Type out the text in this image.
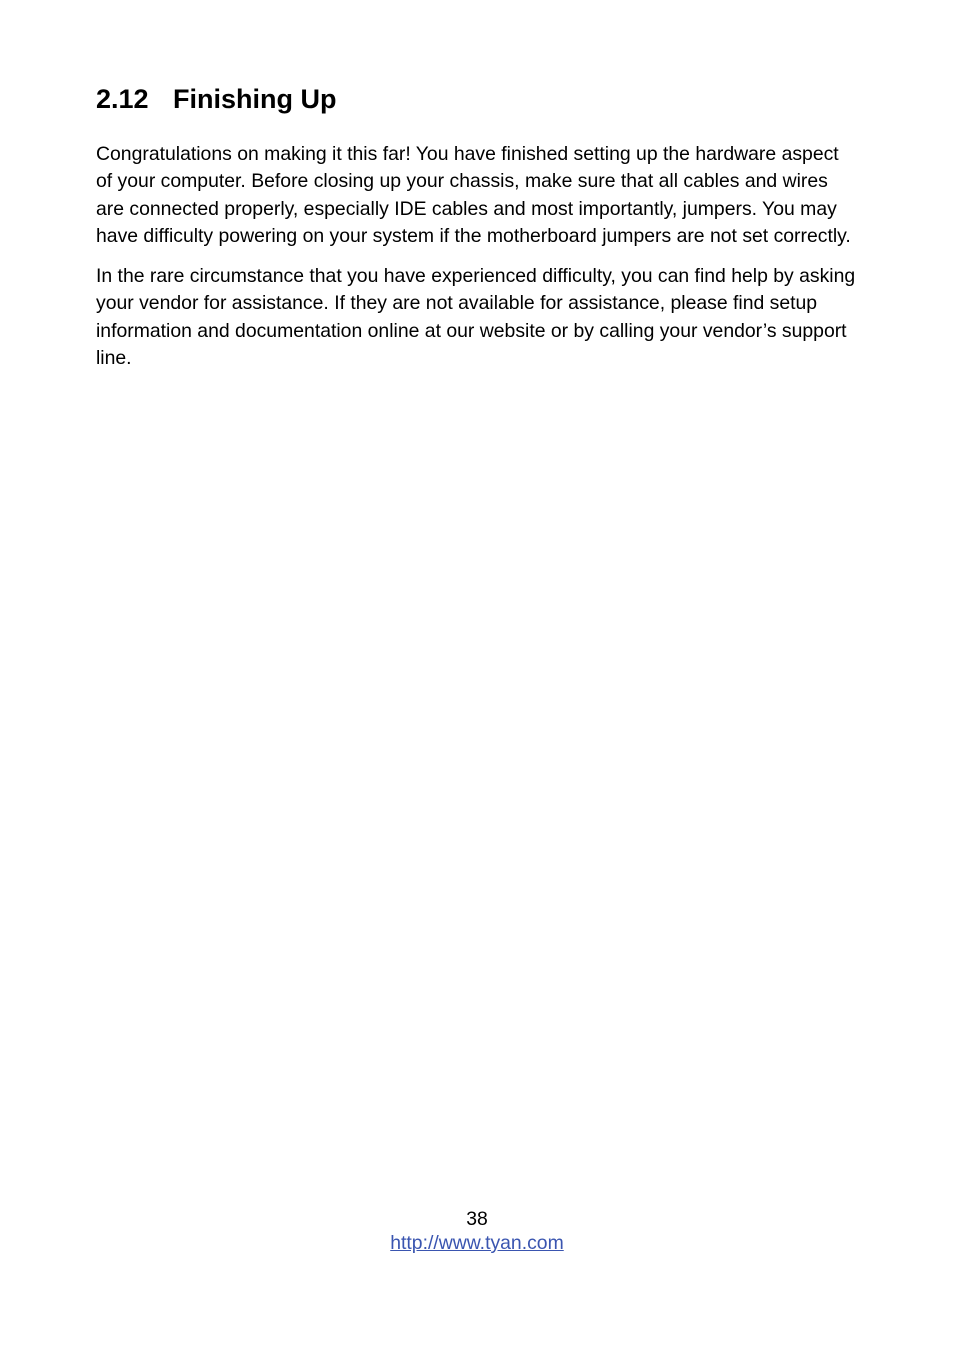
2.12 Finishing Up

Congratulations on making it this far! You have finished setting up the hardware aspect of your computer. Before closing up your chassis, make sure that all cables and wires are connected properly, especially IDE cables and most importantly, jumpers. You may have difficulty powering on your system if the motherboard jumpers are not set correctly.

In the rare circumstance that you have experienced difficulty, you can find help by asking your vendor for assistance. If they are not available for assistance, please find setup information and documentation online at our website or by calling your vendor’s support line.

38
http://www.tyan.com
